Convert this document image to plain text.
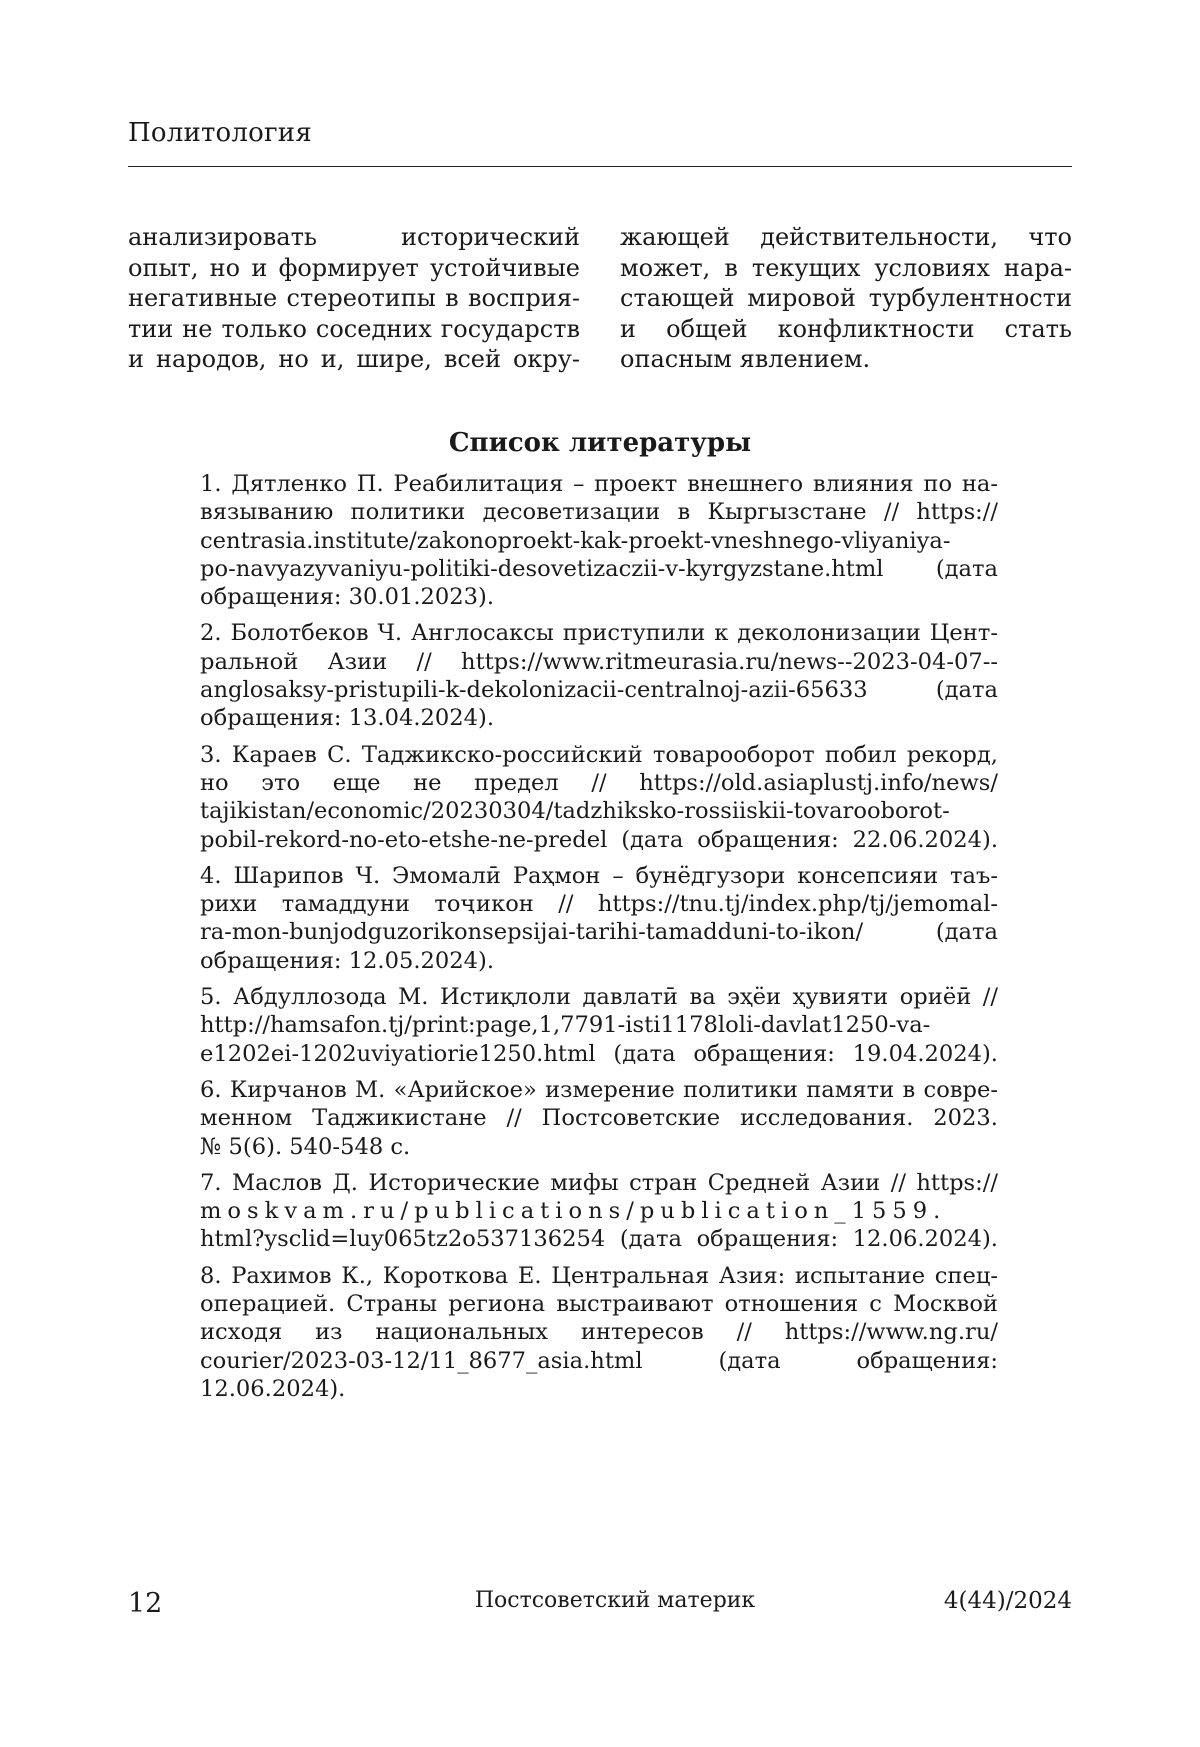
Политология

анализировать исторический
опыт, но и формирует устойчивые
негативные стереотипы в восприя-
тии не только соседних государств
и народов, но и, шире, всей окру-

жающей действительности, что
может, в текущих условиях нара-
стающей мировой турбулентности
и общей конфликтности стать
опасным явлением.

Список литературы
1. Дятленко П. Реабилитация – проект внешнего влияния по на-
вязыванию политики десоветизации в Кыргызстане // https://
centrasia.institute/zakonoproekt-kak-proekt-vneshnego-vliyaniya-
po-navyazyvaniyu-politiki-desovetizaczii-v-kyrgyzstane.html (дата
обращения: 30.01.2023).
2. Болотбеков Ч. Англосаксы приступили к деколонизации Цент-
ральной Азии // https://www.ritmeurasia.ru/news--2023-04-07--
anglosaksy-pristupili-k-dekolonizacii-centralnoj-azii-65633 (дата
обращения: 13.04.2024).
3. Караев С. Таджикско-российский товарооборот побил рекорд,
но это еще не предел // https://old.asiaplustj.info/news/
tajikistan/economic/20230304/tadzhiksko-rossiiskii-tovarooborot-
pobil-rekord-no-eto-etshe-ne-predel (дата обращения: 22.06.2024).
4. Шарипов Ч. Эмомалӣ Раҳмон – бунёдгузори консепсияи таъ-
рихи тамаддуни тоҷикон // https://tnu.tj/index.php/tj/jemomal-
ra-mon-bunjodguzorikonsepsijai-tarihi-tamadduni-to-ikon/ (дата
обращения: 12.05.2024).
5. Абдуллозода М. Истиқлоли давлатӣ ва эҳёи ҳувияти ориёӣ //
http://hamsafon.tj/print:page,1,7791-isti1178loli-davlat1250-va-
e1202ei-1202uviyatiorie1250.html (дата обращения: 19.04.2024).
6. Кирчанов М. «Арийское» измерение политики памяти в совре-
менном Таджикистане // Постсоветские исследования. 2023.
№ 5(6). 540-548 с.
7. Маслов Д. Исторические мифы стран Средней Азии // https://
moskvam.ru/publications/publication_1559.
html?ysclid=luy065tz2o537136254 (дата обращения: 12.06.2024).
8. Рахимов К., Короткова Е. Центральная Азия: испытание спец-
операцией. Страны региона выстраивают отношения с Москвой
исходя из национальных интересов // https://www.ng.ru/
courier/2023-03-12/11_8677_asia.html (дата обращения:
12.06.2024).
12	Постсоветский материк	4(44)/2024
